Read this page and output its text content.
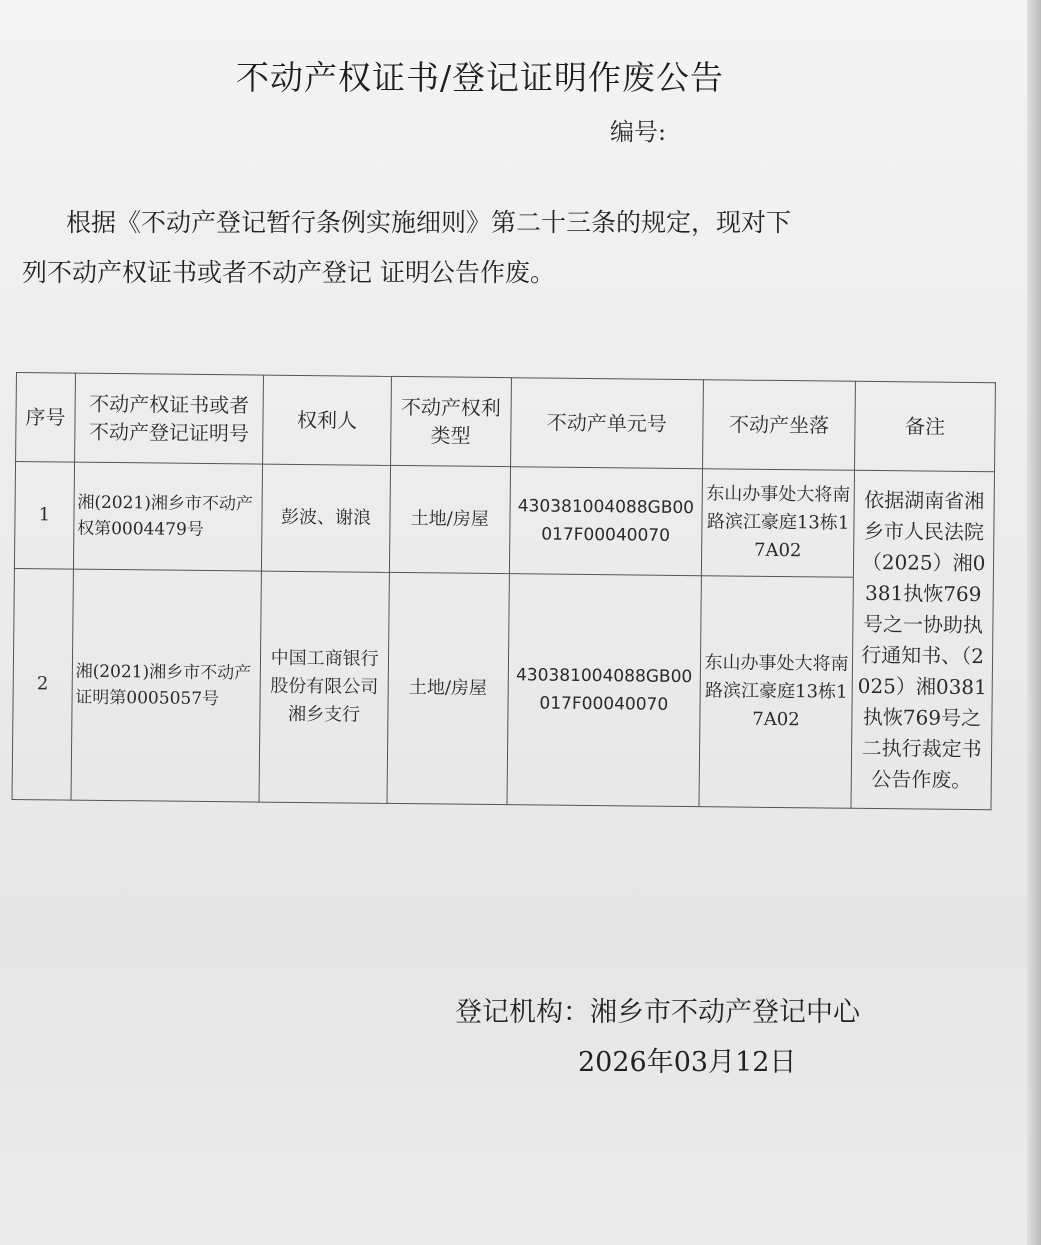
不动产权证书/登记证明作废公告
编号:
根据《不动产登记暂行条例实施细则》第二十三条的规定，现对下
列不动产权证书或者不动产登记 证明公告作废。
序号	不动产权证书或者 不动产登记证明号	权利人	不动产权利类型	不动产单元号	不动产坐落	备注
1	湘(2021)湘乡市不动产权第0004479号	彭波、谢浪	土地/房屋	430381004088GB00017F00040070	东山办事处大将南路滨江豪庭13栋17A02	依据湖南省湘乡市人民法院（2025）湘0381执恢769号之一协助执行通知书、（2025）湘0381执恢769号之二执行裁定书公告作废。
2	湘(2021)湘乡市不动产证明第0005057号	中国工商银行股份有限公司湘乡支行	土地/房屋	430381004088GB00017F00040070	东山办事处大将南路滨江豪庭13栋17A02	
登记机构：湘乡市不动产登记中心
2026年03月12日
